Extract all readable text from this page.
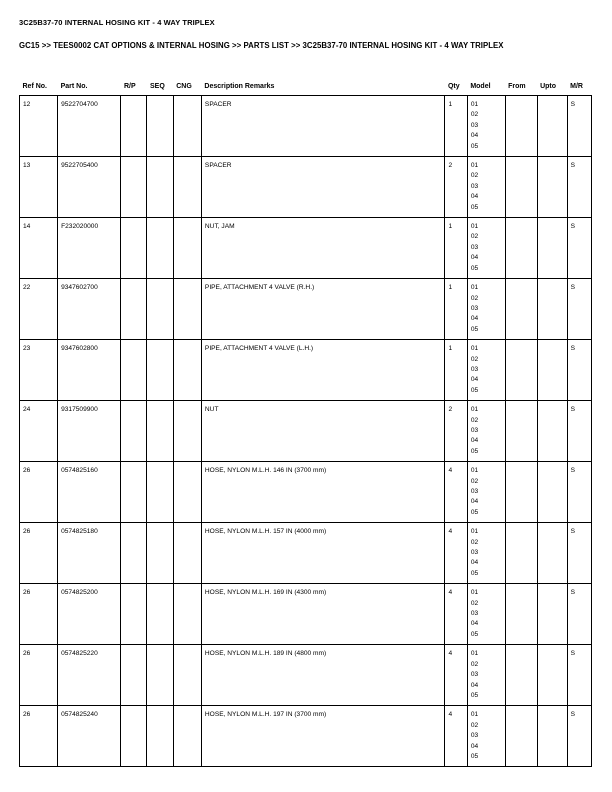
3C25B37-70 INTERNAL HOSING KIT - 4 WAY TRIPLEX
GC15 >> TEES0002 CAT OPTIONS & INTERNAL HOSING >> PARTS LIST >> 3C25B37-70 INTERNAL HOSING KIT - 4 WAY TRIPLEX
Ref No.	Part No.	R/P	SEQ	CNG	Description Remarks	Qty	Model	From	Upto	M/R
12	9522704700				SPACER	1	01
02
03
04
05			S
13	9522705400				SPACER	2	01
02
03
04
05			S
14	F232020000				NUT, JAM	1	01
02
03
04
05			S
22	9347602700				PIPE, ATTACHMENT 4 VALVE (R.H.)	1	01
02
03
04
05			S
23	9347602800				PIPE, ATTACHMENT 4 VALVE (L.H.)	1	01
02
03
04
05			S
24	9317509900				NUT	2	01
02
03
04
05			S
26	0574825160				HOSE, NYLON M.L.H. 146 IN (3700 mm)	4	01
02
03
04
05			S
26	0574825180				HOSE, NYLON M.L.H. 157 IN (4000 mm)	4	01
02
03
04
05			S
26	0574825200				HOSE, NYLON M.L.H. 169 IN (4300 mm)	4	01
02
03
04
05			S
26	0574825220				HOSE, NYLON M.L.H. 189 IN (4800 mm)	4	01
02
03
04
05			S
26	0574825240				HOSE, NYLON M.L.H. 197 IN (3700 mm)	4	01
02
03
04
05			S
